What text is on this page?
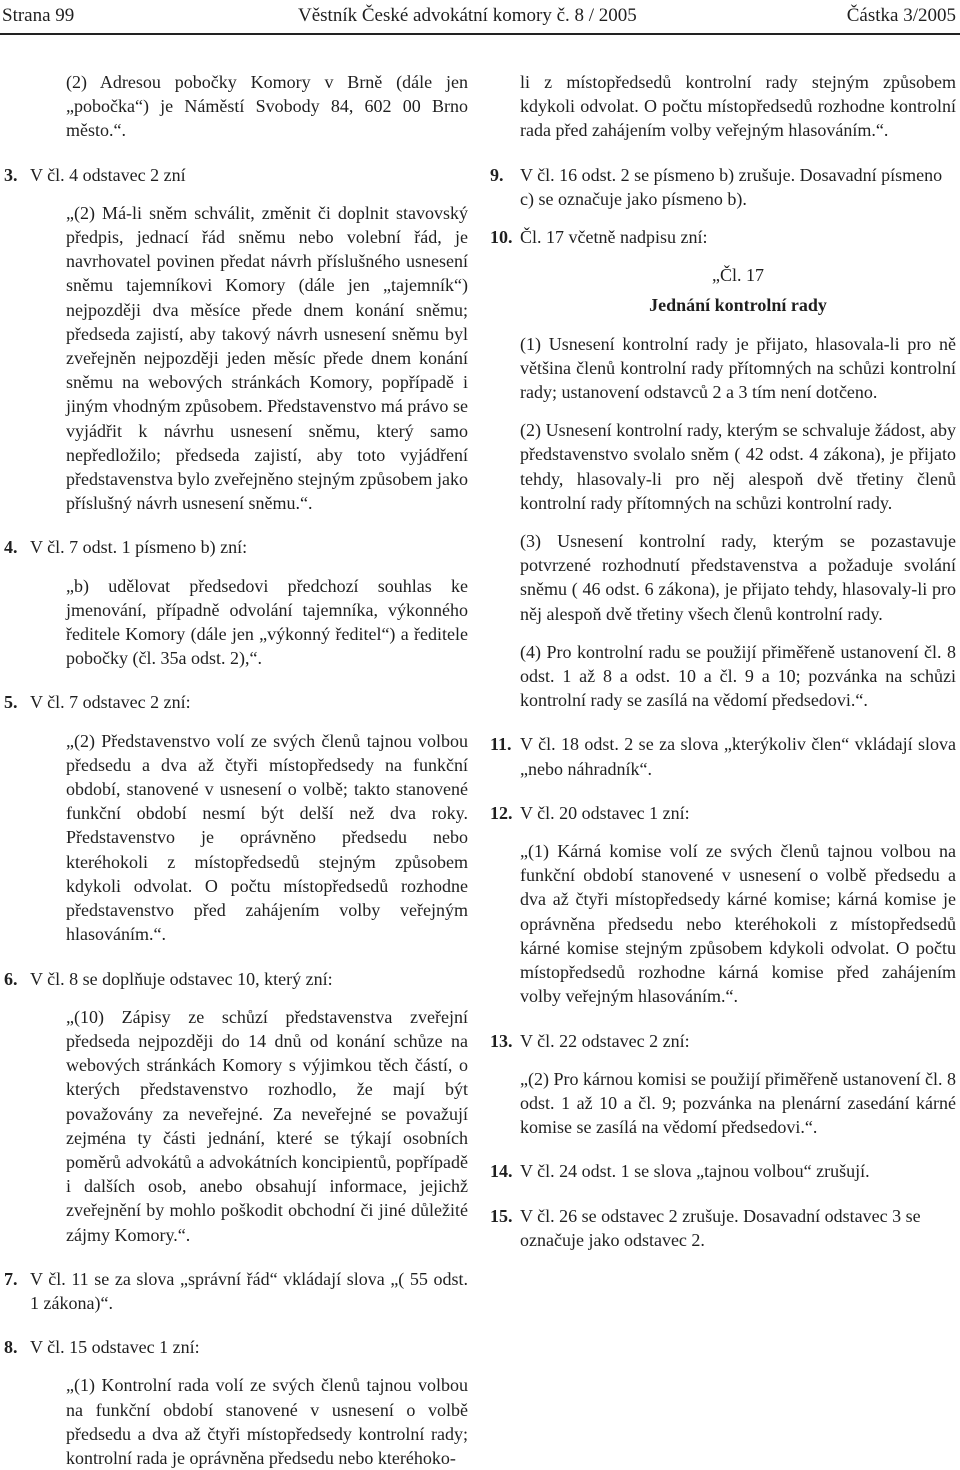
Strana 99	Věstník České advokátní komory č. 8 / 2005	Částka 3/2005

(2) Adresou pobočky Komory v Brně (dále jen „pobočka“) je Náměstí Svobody 84, 602 00 Brno město.“.

3. V čl. 4 odstavec 2 zní

„(2) Má-li sněm schválit, změnit či doplnit stavovský předpis, jednací řád sněmu nebo volební řád, je navrhovatel povinen předat návrh příslušného usnesení sněmu tajemníkovi Komory (dále jen „tajemník“) nejpozději dva měsíce přede dnem konání sněmu; předseda zajistí, aby takový návrh usnesení sněmu byl zveřejněn nejpozději jeden měsíc přede dnem konání sněmu na webových stránkách Komory, popřípadě i jiným vhodným způsobem. Představenstvo má právo se vyjádřit k návrhu usnesení sněmu, který samo nepředložilo; předseda zajistí, aby toto vyjádření představenstva bylo zveřejněno stejným způsobem jako příslušný návrh usnesení sněmu.“.

4. V čl. 7 odst. 1 písmeno b) zní:

„b) udělovat předsedovi předchozí souhlas ke jmenování, případně odvolání tajemníka, výkonného ředitele Komory (dále jen „výkonný ředitel“) a ředitele pobočky (čl. 35a odst. 2),“.

5. V čl. 7 odstavec 2 zní:

„(2) Představenstvo volí ze svých členů tajnou volbou předsedu a dva až čtyři místopředsedy na funkční období, stanovené v usnesení o volbě; takto stanovené funkční období nesmí být delší než dva roky. Představenstvo je oprávněno předsedu nebo kteréhokoli z místopředsedů stejným způsobem kdykoli odvolat. O počtu místopředsedů rozhodne představenstvo před zahájením volby veřejným hlasováním.“.

6. V čl. 8 se doplňuje odstavec 10, který zní:

„(10) Zápisy ze schůzí představenstva zveřejní předseda nejpozději do 14 dnů od konání schůze na webových stránkách Komory s výjimkou těch částí, o kterých představenstvo rozhodlo, že mají být považovány za neveřejné. Za neveřejné se považují zejména ty části jednání, které se týkají osobních poměrů advokátů a advokátních koncipientů, popřípadě i dalších osob, anebo obsahují informace, jejichž zveřejnění by mohlo poškodit obchodní či jiné důležité zájmy Komory.“.

7. V čl. 11 se za slova „správní řád“ vkládají slova „( 55 odst. 1 zákona)“.
8. V čl. 15 odstavec 1 zní:

„(1) Kontrolní rada volí ze svých členů tajnou volbou na funkční období stanovené v usnesení o volbě předsedu a dva až čtyři místopředsedy kontrolní rady; kontrolní rada je oprávněna předsedu nebo kteréhoko-

li z místopředsedů kontrolní rady stejným způsobem kdykoli odvolat. O počtu místopředsedů rozhodne kontrolní rada před zahájením volby veřejným hlasováním.“.

9. V čl. 16 odst. 2 se písmeno b) zrušuje. Dosavadní písmeno c) se označuje jako písmeno b).
10. Čl. 17 včetně nadpisu zní:

„Čl. 17

Jednání kontrolní rady

(1) Usnesení kontrolní rady je přijato, hlasovala-li pro ně většina členů kontrolní rady přítomných na schůzi kontrolní rady; ustanovení odstavců 2 a 3 tím není dotčeno.

(2) Usnesení kontrolní rady, kterým se schvaluje žádost, aby představenstvo svolalo sněm ( 42 odst. 4 zákona), je přijato tehdy, hlasovaly-li pro něj alespoň dvě třetiny členů kontrolní rady přítomných na schůzi kontrolní rady.

(3) Usnesení kontrolní rady, kterým se pozastavuje potvrzené rozhodnutí představenstva a požaduje svolání sněmu ( 46 odst. 6 zákona), je přijato tehdy, hlasovaly-li pro něj alespoň dvě třetiny všech členů kontrolní rady.

(4) Pro kontrolní radu se použijí přiměřeně ustanovení čl. 8 odst. 1 až 8 a odst. 10 a čl. 9 a 10; pozvánka na schůzi kontrolní rady se zasílá na vědomí předsedovi.“.

11. V čl. 18 odst. 2 se za slova „kterýkoliv člen“ vkládají slova „nebo náhradník“.
12. V čl. 20 odstavec 1 zní:

„(1) Kárná komise volí ze svých členů tajnou volbou na funkční období stanovené v usnesení o volbě předsedu a dva až čtyři místopředsedy kárné komise; kárná komise je oprávněna předsedu nebo kteréhokoli z místopředsedů kárné komise stejným způsobem kdykoli odvolat. O počtu místopředsedů rozhodne kárná komise před zahájením volby veřejným hlasováním.“.

13. V čl. 22 odstavec 2 zní:

„(2) Pro kárnou komisi se použijí přiměřeně ustanovení čl. 8 odst. 1 až 10 a čl. 9; pozvánka na plenární zasedání kárné komise se zasílá na vědomí předsedovi.“.

14. V čl. 24 odst. 1 se slova „tajnou volbou“ zrušují.
15. V čl. 26 se odstavec 2 zrušuje. Dosavadní odstavec 3 se označuje jako odstavec 2.
